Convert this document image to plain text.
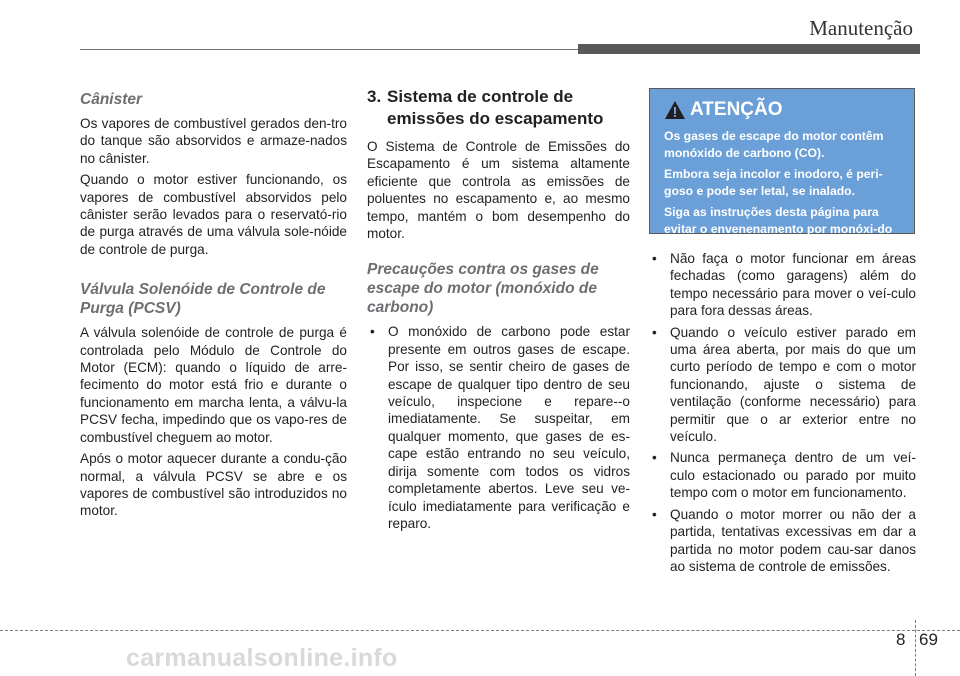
Manutenção
Cânister

Os vapores de combustível gerados den-tro do tanque são absorvidos e armaze-nados no cânister.

Quando o motor estiver funcionando, os vapores de combustível absorvidos pelo cânister serão levados para o reservató-rio de purga através de uma válvula sole-nóide de controle de purga.

Válvula Solenóide de Controle de Purga (PCSV)

A válvula solenóide de controle de purga é controlada pelo Módulo de Controle do Motor (ECM): quando o líquido de arre-fecimento do motor está frio e durante o funcionamento em marcha lenta, a válvu-la PCSV fecha, impedindo que os vapo-res de combustível cheguem ao motor.

Após o motor aquecer durante a condu-ção normal, a válvula PCSV se abre e os vapores de combustível são introduzidos no motor.

3. Sistema de controle de emissões do escapamento

O Sistema de Controle de Emissões do Escapamento é um sistema altamente eficiente que controla as emissões de poluentes no escapamento e, ao mesmo tempo, mantém o bom desempenho do motor.

Precauções contra os gases de escape do motor (monóxido de carbono)
• O monóxido de carbono pode estar presente em outros gases de escape. Por isso, se sentir cheiro de gases de escape de qualquer tipo dentro de seu veículo, inspecione e repare--o imediatamente. Se suspeitar, em qualquer momento, que gases de es-cape estão entrando no seu veículo, dirija somente com todos os vidros completamente abertos. Leve seu ve-ículo imediatamente para verificação e reparo.
ATENÇÃO

Os gases de escape do motor contêm monóxido de carbono (CO).

Embora seja incolor e inodoro, é peri-goso e pode ser letal, se inalado.

Siga as instruções desta página para evitar o envenenamento por monóxi-do de carbono.

• Não faça o motor funcionar em áreas fechadas (como garagens) além do tempo necessário para mover o veí-culo para fora dessas áreas.
• Quando o veículo estiver parado em uma área aberta, por mais do que um curto período de tempo e com o motor funcionando, ajuste o sistema de ventilação (conforme necessário) para permitir que o ar exterior entre no veículo.
• Nunca permaneça dentro de um veí-culo estacionado ou parado por muito tempo com o motor em funcionamento.
• Quando o motor morrer ou não der a partida, tentativas excessivas em dar a partida no motor podem cau-sar danos ao sistema de controle de emissões.
8 69
carmanualsonline.info
